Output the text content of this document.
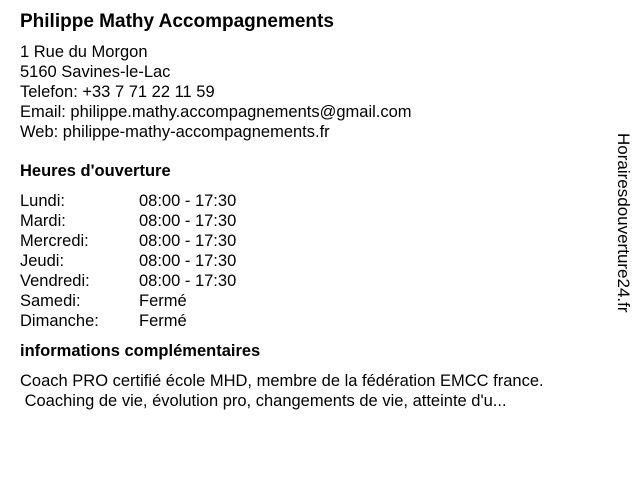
Philippe Mathy Accompagnements
1 Rue du Morgon
5160 Savines-le-Lac
Telefon: +33 7 71 22 11 59
Email: philippe.mathy.accompagnements@gmail.com
Web: philippe-mathy-accompagnements.fr
Heures d'ouverture
Lundi:	08:00 - 17:30
Mardi:	08:00 - 17:30
Mercredi:	08:00 - 17:30
Jeudi:	08:00 - 17:30
Vendredi:	08:00 - 17:30
Samedi:	Fermé
Dimanche:	Fermé
informations complémentaires
Coach PRO certifié école MHD, membre de la fédération EMCC france.
Coaching de vie, évolution pro, changements de vie, atteinte d'u...
Horairesdouverture24.fr
